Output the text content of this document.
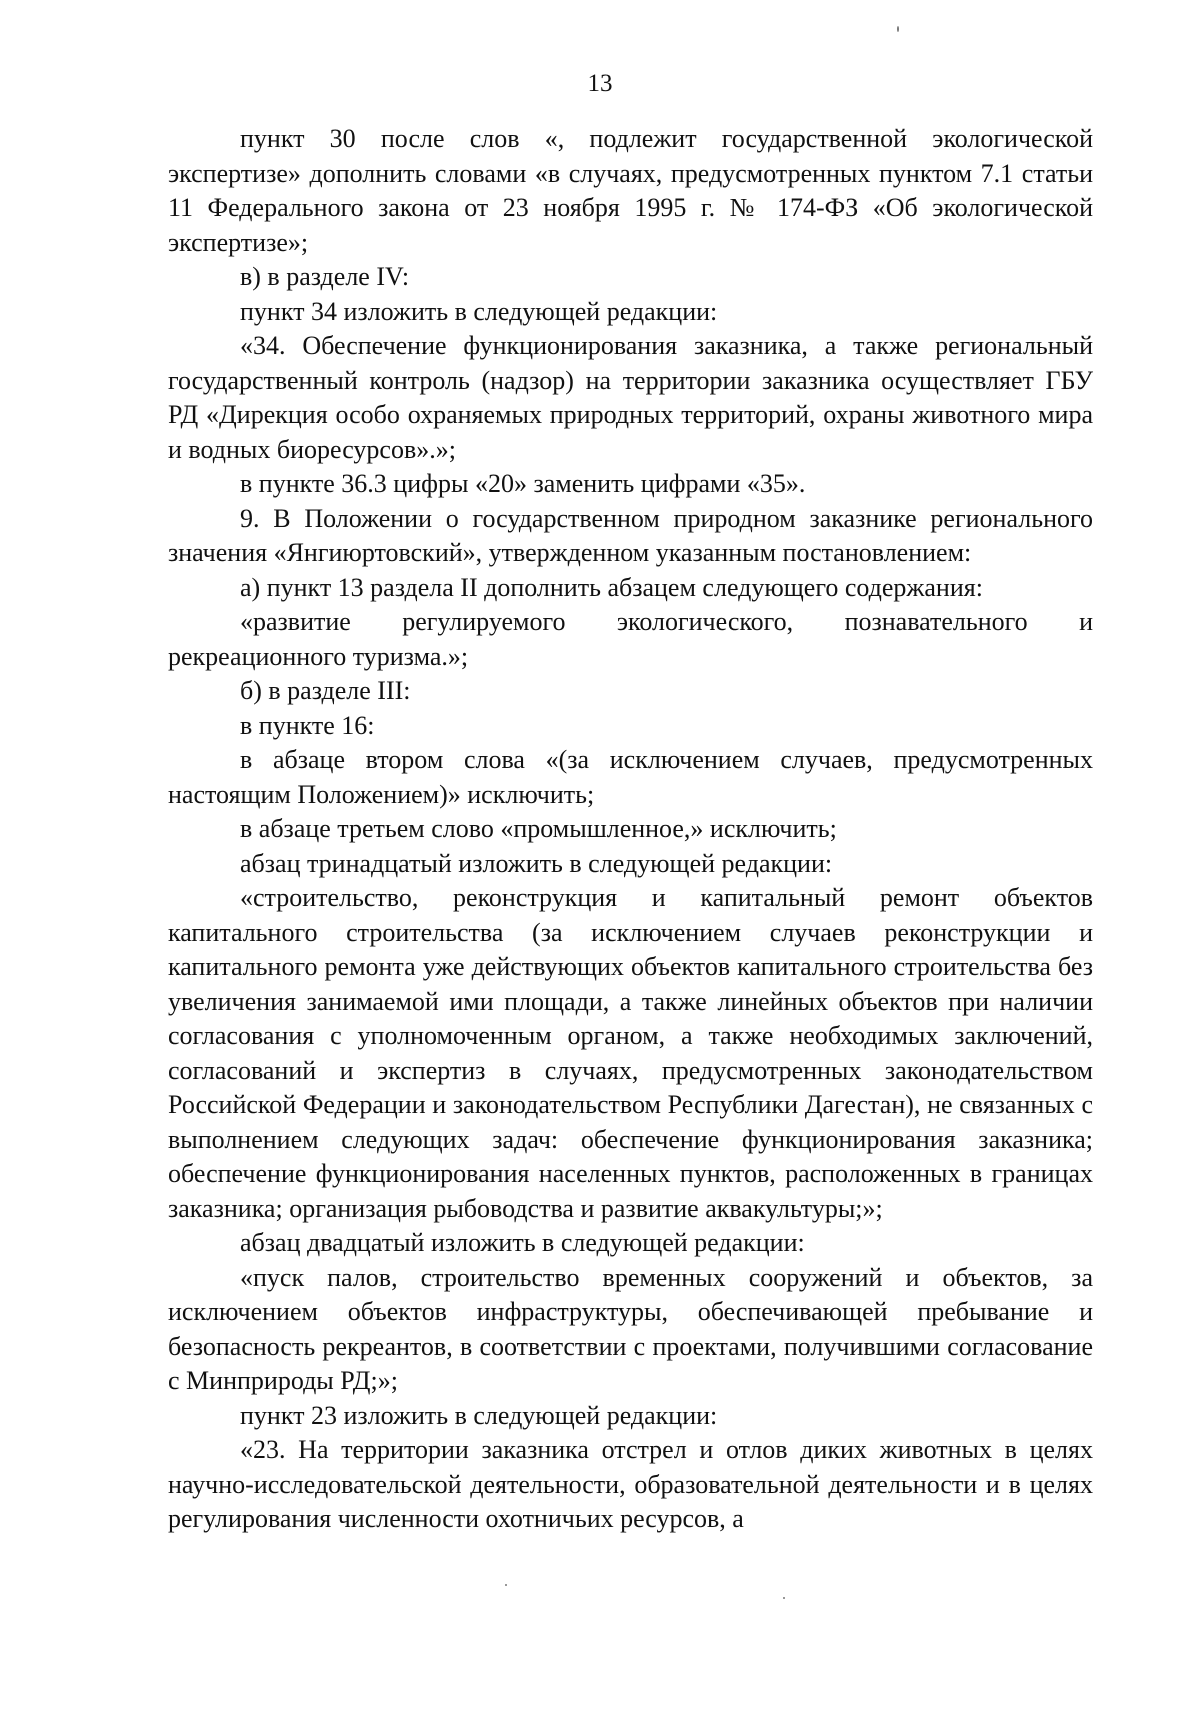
13

пункт 30 после слов «, подлежит государственной экологической экспертизе» дополнить словами «в случаях, предусмотренных пунктом 7.1 статьи 11 Федерального закона от 23 ноября 1995 г. № 174-ФЗ «Об экологической экспертизе»;

в) в разделе IV:

пункт 34 изложить в следующей редакции:

«34. Обеспечение функционирования заказника, а также региональный государственный контроль (надзор) на территории заказника осуществляет ГБУ РД «Дирекция особо охраняемых природных территорий, охраны животного мира и водных биоресурсов».»;

в пункте 36.3 цифры «20» заменить цифрами «35».

9. В Положении о государственном природном заказнике регионального значения «Янгиюртовский», утвержденном указанным постановлением:

а) пункт 13 раздела II дополнить абзацем следующего содержания:

«развитие регулируемого экологического, познавательного и рекреационного туризма.»;

б) в разделе III:

в пункте 16:

в абзаце втором слова «(за исключением случаев, предусмотренных настоящим Положением)» исключить;

в абзаце третьем слово «промышленное,» исключить;

абзац тринадцатый изложить в следующей редакции:

«строительство, реконструкция и капитальный ремонт объектов капитального строительства (за исключением случаев реконструкции и капитального ремонта уже действующих объектов капитального строительства без увеличения занимаемой ими площади, а также линейных объектов при наличии согласования с уполномоченным органом, а также необходимых заключений, согласований и экспертиз в случаях, предусмотренных законодательством Российской Федерации и законодательством Республики Дагестан), не связанных с выполнением следующих задач: обеспечение функционирования заказника; обеспечение функционирования населенных пунктов, расположенных в границах заказника; организация рыбоводства и развитие аквакультуры;»;

абзац двадцатый изложить в следующей редакции:

«пуск палов, строительство временных сооружений и объектов, за исключением объектов инфраструктуры, обеспечивающей пребывание и безопасность рекреантов, в соответствии с проектами, получившими согласование с Минприроды РД;»;

пункт 23 изложить в следующей редакции:

«23. На территории заказника отстрел и отлов диких животных в целях научно-исследовательской деятельности, образовательной деятельности и в целях регулирования численности охотничьих ресурсов, а
